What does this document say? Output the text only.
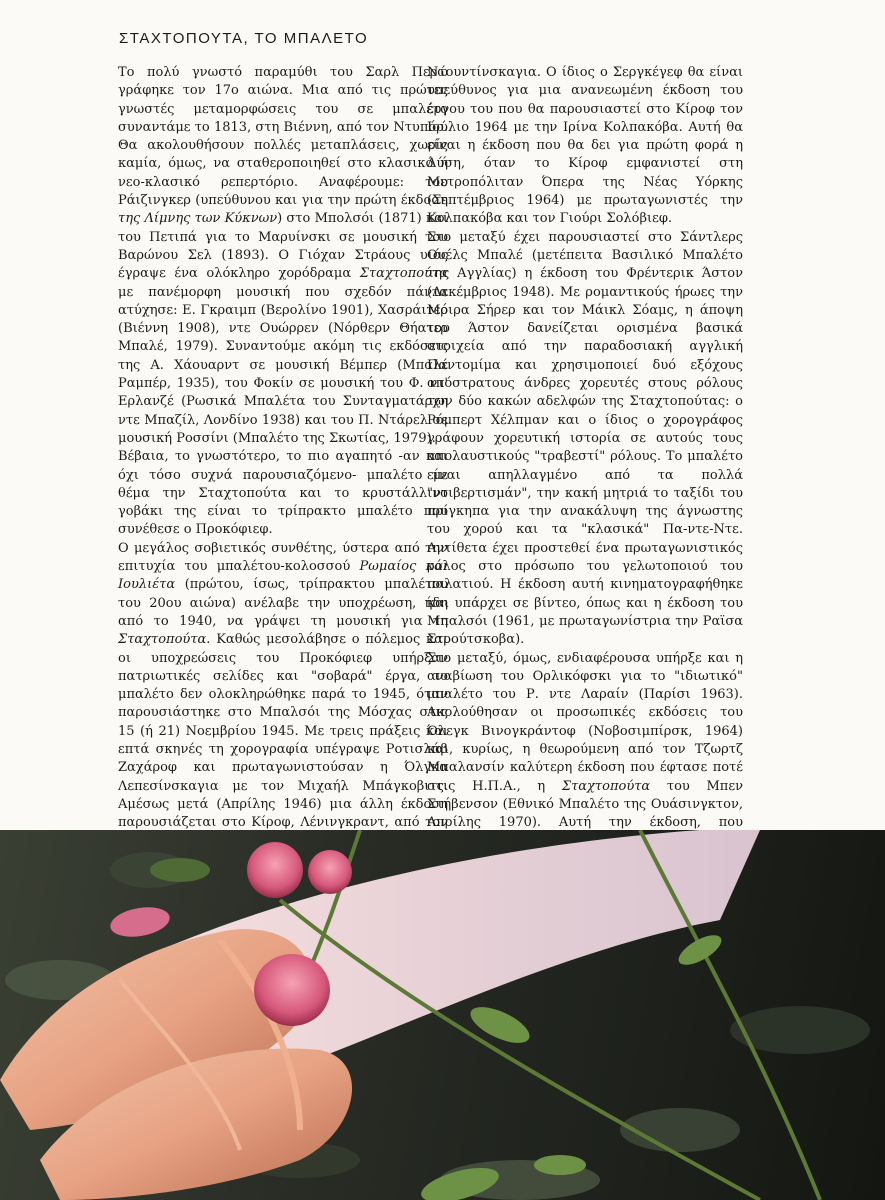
ΣΤΑΧΤΟΠΟΥΤΑ, ΤΟ ΜΠΑΛΕΤΟ

Το πολύ γνωστό παραμύθι του Σαρλ Περώ γράφηκε τον 17ο αιώνα. Μια από τις πρώτες γνωστές μεταμορφώσεις του σε μπαλέτο συναντάμε το 1813, στη Βιέννη, από τον Ντυπόρ. Θα ακολουθήσουν πολλές μεταπλάσεις, χωρίς καμία, όμως, να σταθεροποιηθεί στο κλασικό ή νεο-κλασικό ρεπερτόριο. Αναφέρουμε: του Ράιζινγκερ (υπεύθυνου και για την πρώτη έκδοση της Λίμνης των Κύκνων) στο Μπολσόι (1871) και του Πετιπά για το Μαρυίνσκι σε μουσική του Βαρώνου Σελ (1893). Ο Γιόχαν Στράους υιός έγραψε ένα ολόκληρο χορόδραμα Σταχτοπούτα με πανέμορφη μουσική που σχεδόν πάντα ατύχησε: Ε. Γκραιμπ (Βερολίνο 1901), Χασράιτερ (Βιέννη 1908), ντε Ουώρρεν (Νόρθερν Θήατερ Μπαλέ, 1979). Συναντούμε ακόμη τις εκδόσεις της Α. Χάουαρντ σε μουσική Βέμπερ (Μπαλέ Ραμπέρ, 1935), του Φοκίν σε μουσική του Φ. ντ' Ερλανζέ (Ρωσικά Μπαλέτα του Συνταγματάρχη ντε Μπαζίλ, Λονδίνο 1938) και του Π. Ντάρελ σε μουσική Ροσσίνι (Μπαλέτο της Σκωτίας, 1979).

Βέβαια, το γνωστότερο, το πιο αγαπητό -αν και όχι τόσο συχνά παρουσιαζόμενο- μπαλέτο με θέμα την Σταχτοπούτα και το κρυστάλλινο γοβάκι της είναι το τρίπρακτο μπαλέτο που συνέθεσε ο Προκόφιεφ.

Ο μεγάλος σοβιετικός συνθέτης, ύστερα από την επιτυχία του μπαλέτου-κολοσσού Ρωμαίος και Ιουλιέτα (πρώτου, ίσως, τρίπρακτου μπαλέτου του 20ου αιώνα) ανέλαβε την υποχρέωση, ήδη από το 1940, να γράψει τη μουσική για τη Σταχτοπούτα. Καθώς μεσολάβησε ο πόλεμος και οι υποχρεώσεις του Προκόφιεφ υπήρξαν πατριωτικές σελίδες και "σοβαρά" έργα, το μπαλέτο δεν ολοκληρώθηκε παρά το 1945, όταν παρουσιάστηκε στο Μπαλσόι της Μόσχας στις 15 (ή 21) Νοεμβρίου 1945. Με τρεις πράξεις και επτά σκηνές τη χορογραφία υπέγραψε Ροτισλάβ Ζαχάροφ και πρωταγωνιστούσαν η Όλγκα Λεπεσίνσκαγια με τον Μιχαήλ Μπάγκοβιτς. Αμέσως μετά (Απρίλης 1946) μια άλλη έκδοση παρουσιάζεται στο Κίροφ, Λένινγκραντ, από τον

Ντουντίνσκαγια. Ο ίδιος ο Σεργκέγεφ θα είναι υπεύθυνος για μια ανανεωμένη έκδοση του έργου του που θα παρουσιαστεί στο Κίροφ τον Ιούλιο 1964 με την Ιρίνα Κολπακόβα. Αυτή θα είναι η έκδοση που θα δει για πρώτη φορά η Δύση, όταν το Κίροφ εμφανιστεί στη Μετροπόλιταν Όπερα της Νέας Υόρκης (Σεπτέμβριος 1964) με πρωταγωνιστές την Κολπακόβα και τον Γιούρι Σολόβιεφ.

Στο μεταξύ έχει παρουσιαστεί στο Σάντλερς Ουέλς Μπαλέ (μετέπειτα Βασιλικό Μπαλέτο της Αγγλίας) η έκδοση του Φρέντερικ Άστον (Δεκέμβριος 1948). Με ρομαντικούς ήρωες την Μόιρα Σήρερ και τον Μάικλ Σόαμς, η άποψη του Άστον δανείζεται ορισμένα βασικά στοιχεία από την παραδοσιακή αγγλική Παντομίμα και χρησιμοποιεί δυό εξόχους απόστρατους άνδρες χορευτές στους ρόλους των δύο κακών αδελφών της Σταχτοπούτας: ο Ρόμπερτ Χέλπμαν και ο ίδιος ο χορογράφος γράφουν χορευτική ιστορία σε αυτούς τους απολαυστικούς "τραβεστί" ρόλους. Το μπαλέτο είναι απηλλαγμένο από τα πολλά "ντιβερτισμάν", την κακή μητριά το ταξίδι του πρίγκηπα για την ανακάλυψη της άγνωστης του χορού και τα "κλασικά" Πα-ντε-Ντε. Αντίθετα έχει προστεθεί ένα πρωταγωνιστικός ρόλος στο πρόσωπο του γελωτοποιού του παλατιού. Η έκδοση αυτή κινηματογραφήθηκε και υπάρχει σε βίντεο, όπως και η έκδοση του Μπαλσόι (1961, με πρωταγωνίστρια την Ραϊσα Στρούτσκοβα).

Στο μεταξύ, όμως, ενδιαφέρουσα υπήρξε και η αναβίωση του Ορλικόφσκι για το "ιδιωτικό" μπαλέτο του Ρ. ντε Λαραίν (Παρίσι 1963). Ακολούθησαν οι προσωπικές εκδόσεις του Όλεγκ Βινογκράντοφ (Νοβοσιμπίρσκ, 1964) και, κυρίως, η θεωρούμενη από τον Τζωρτζ Μπαλανσίν καλύτερη έκδοση που έφτασε ποτέ στις Η.Π.Α., η Σταχτοπούτα του Μπεν Στήβενσον (Εθνικό Μπαλέτο της Ουάσινγκτον, Απρίλης 1970). Αυτή την έκδοση, που
